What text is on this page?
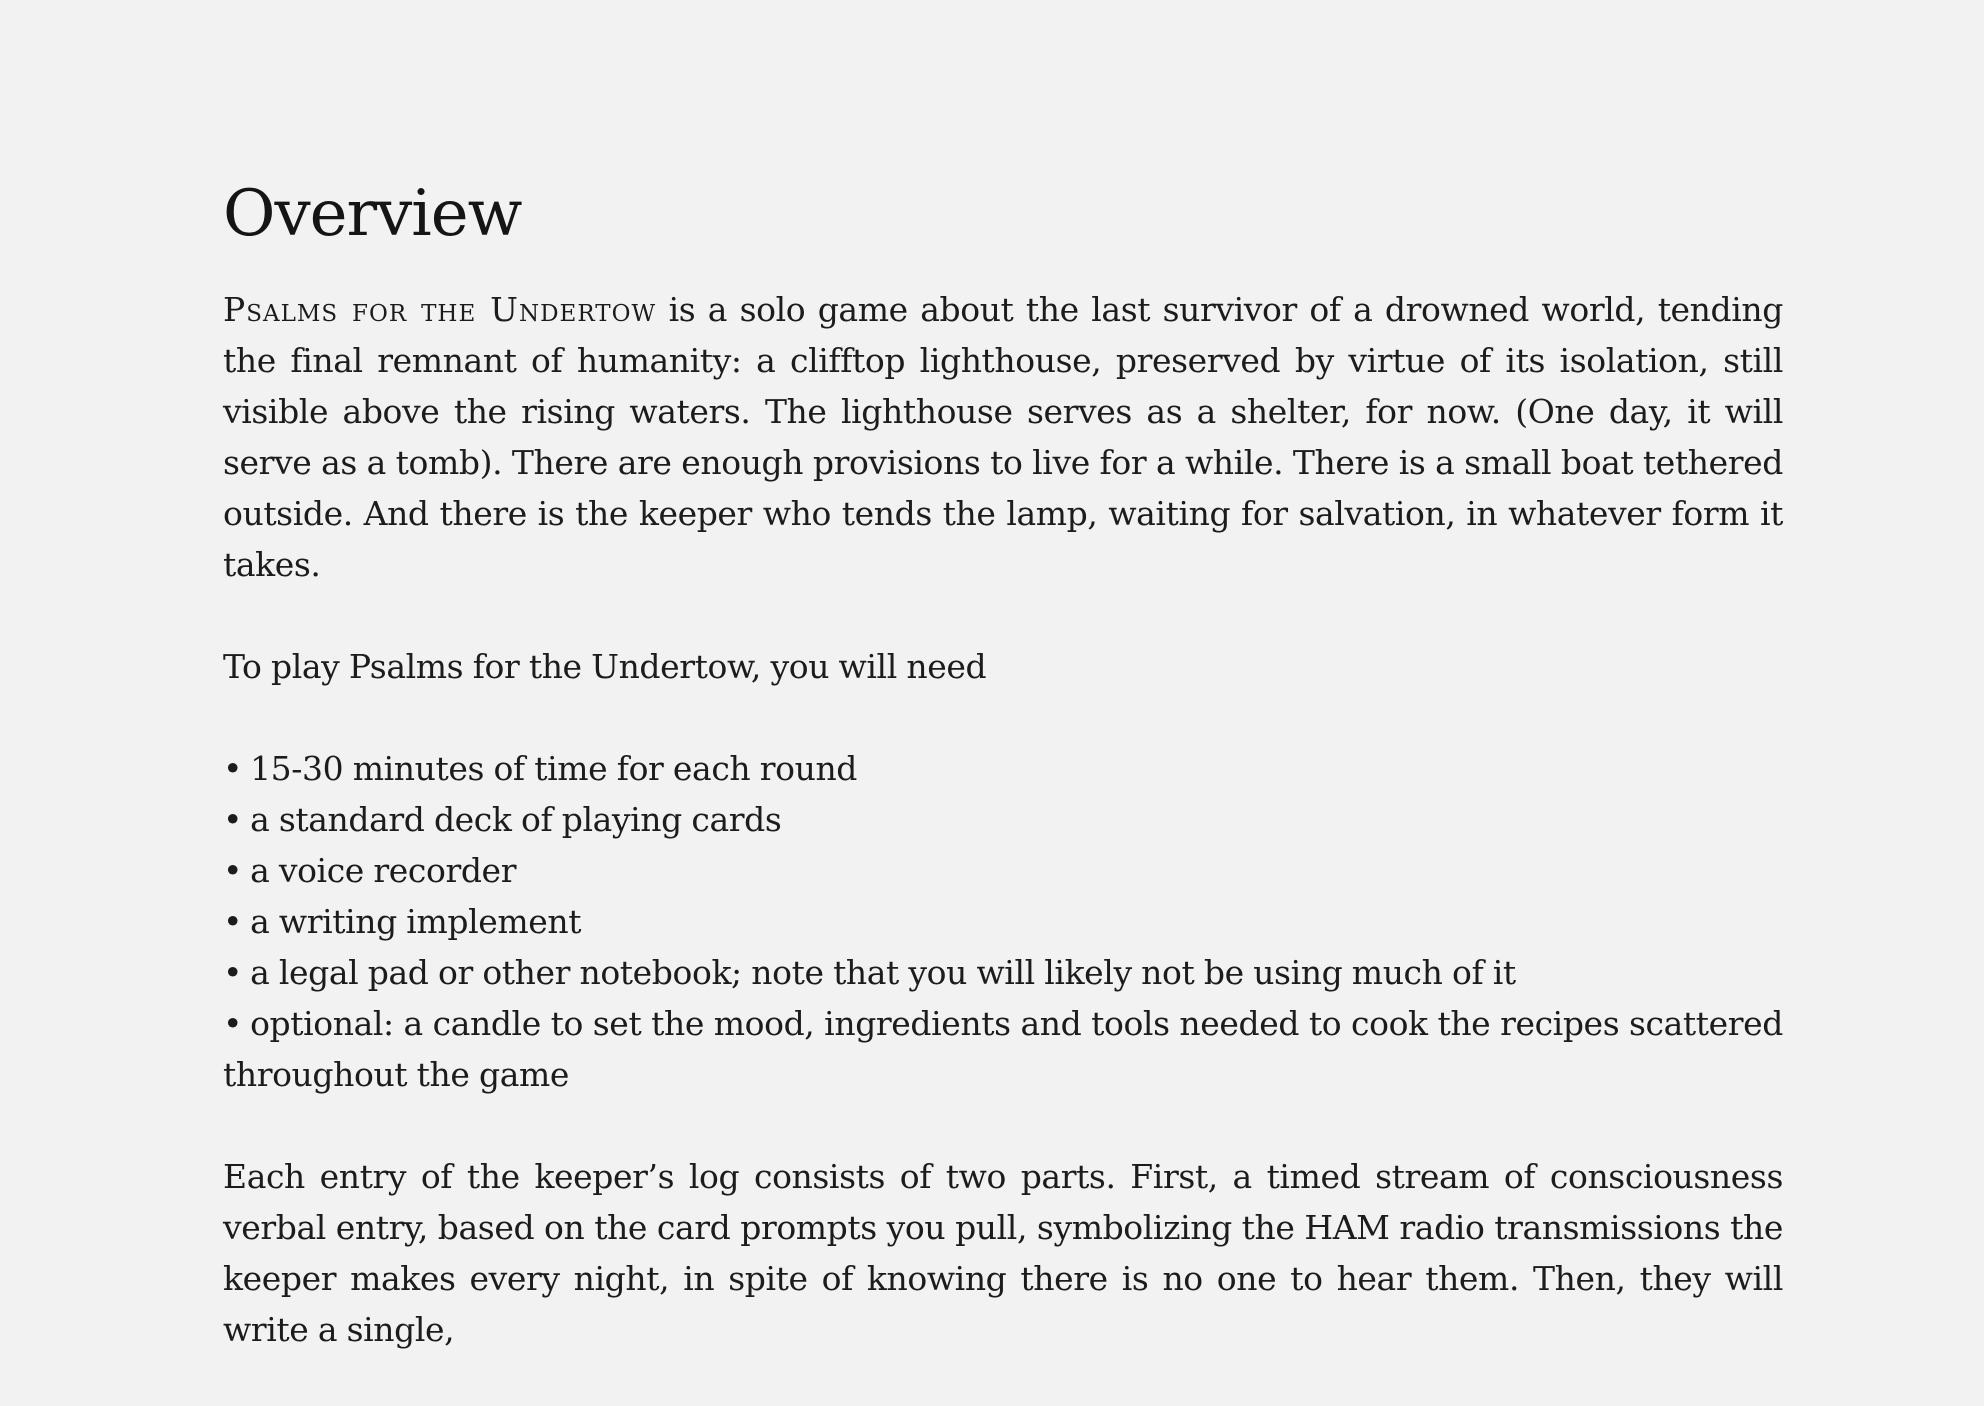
Overview

Psalms for the Undertow is a solo game about the last survivor of a drowned world, tending the final remnant of humanity: a clifftop lighthouse, preserved by virtue of its isolation, still visible above the rising waters. The lighthouse serves as a shelter, for now. (One day, it will serve as a tomb). There are enough provisions to live for a while. There is a small boat tethered outside. And there is the keeper who tends the lamp, waiting for salvation, in whatever form it takes.

To play Psalms for the Undertow, you will need

• 15-30 minutes of time for each round
• a standard deck of playing cards
• a voice recorder
• a writing implement
• a legal pad or other notebook; note that you will likely not be using much of it
• optional: a candle to set the mood, ingredients and tools needed to cook the recipes scattered throughout the game

Each entry of the keeper’s log consists of two parts. First, a timed stream of consciousness verbal entry, based on the card prompts you pull, symbolizing the HAM radio transmissions the keeper makes every night, in spite of knowing there is no one to hear them. Then, they will write a single,
